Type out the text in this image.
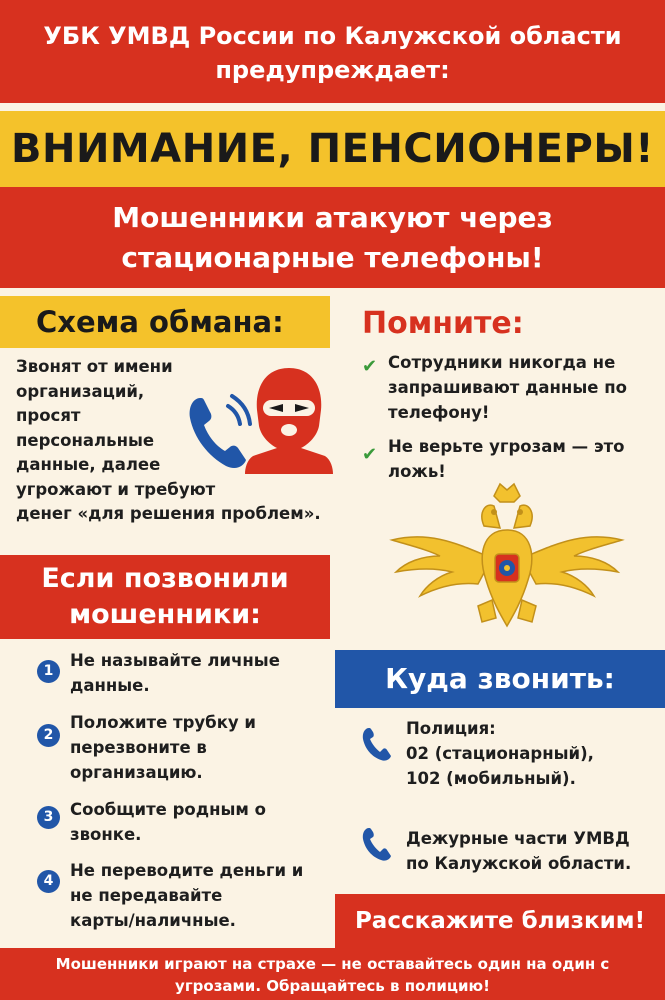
УБК УМВД России по Калужской области
предупреждает:
ВНИМАНИЕ, ПЕНСИОНЕРЫ!
Мошенники атакуют через
стационарные телефоны!
Схема обмана:
Звонят от имени
организаций,
просят
персональные
данные, далее
угрожают и требуют
денег «для решения проблем».
Помните:
✔ Сотрудники никогда не
запрашивают данные по
телефону!
✔ Не верьте угрозам — это
ложь!
Если позвонили
мошенники:
1
Не называйте личные
данные.
2
Положите трубку и
перезвоните в
организацию.
3	Сообщите родным о
звонке.
4
Не переводите деньги и
не передавайте
карты/наличные.
Куда звонить:
Полиция:
02 (стационарный),
102 (мобильный).
Дежурные части УМВД
по Калужской области.
Расскажите близким!
Мошенники играют на страхе — не оставайтесь один на один с
угрозами. Обращайтесь в полицию!
